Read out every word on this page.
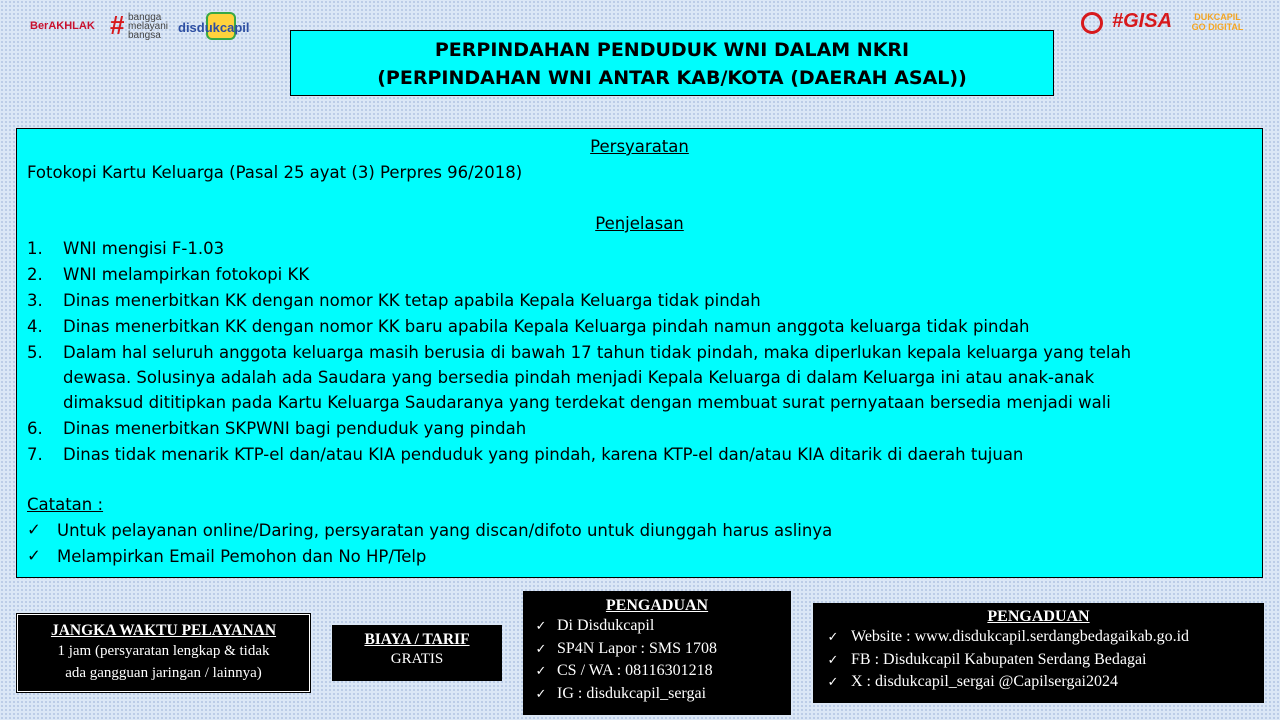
BerAKHLAK
# bangga melayani bangsa
disdukcapil	#GISA	DUKCAPIL GO DIGITAL
PERPINDAHAN PENDUDUK WNI DALAM NKRI
(PERPINDAHAN WNI ANTAR KAB/KOTA (DAERAH ASAL))
Persyaratan
Fotokopi Kartu Keluarga (Pasal 25 ayat (3) Perpres 96/2018)
Penjelasan
1.	WNI mengisi F-1.03
2.	WNI melampirkan fotokopi KK
3.	Dinas menerbitkan KK dengan nomor KK tetap apabila Kepala Keluarga tidak pindah
4.	Dinas menerbitkan KK dengan nomor KK baru apabila Kepala Keluarga pindah namun anggota keluarga tidak pindah
5.	Dalam hal seluruh anggota keluarga masih berusia di bawah 17 tahun tidak pindah, maka diperlukan kepala keluarga yang telah
dewasa. Solusinya adalah ada Saudara yang bersedia pindah menjadi Kepala Keluarga di dalam Keluarga ini atau anak-anak
dimaksud dititipkan pada Kartu Keluarga Saudaranya yang terdekat dengan membuat surat pernyataan bersedia menjadi wali
6.	Dinas menerbitkan SKPWNI bagi penduduk yang pindah
7.	Dinas tidak menarik KTP-el dan/atau KIA penduduk yang pindah, karena KTP-el dan/atau KIA ditarik di daerah tujuan
Catatan :
✓ Untuk pelayanan online/Daring, persyaratan yang discan/difoto untuk diunggah harus aslinya
✓ Melampirkan Email Pemohon dan No HP/Telp
JANGKA WAKTU PELAYANAN
1 jam (persyaratan lengkap & tidak
ada gangguan jaringan / lainnya)
BIAYA / TARIF
GRATIS
PENGADUAN
✓ Di Disdukcapil
✓ SP4N Lapor : SMS 1708
✓ CS / WA : 08116301218
✓ IG : disdukcapil_sergai
PENGADUAN
✓ Website : www.disdukcapil.serdangbedagaikab.go.id
✓ FB : Disdukcapil Kabupaten Serdang Bedagai
✓ X : disdukcapil_sergai @Capilsergai2024
